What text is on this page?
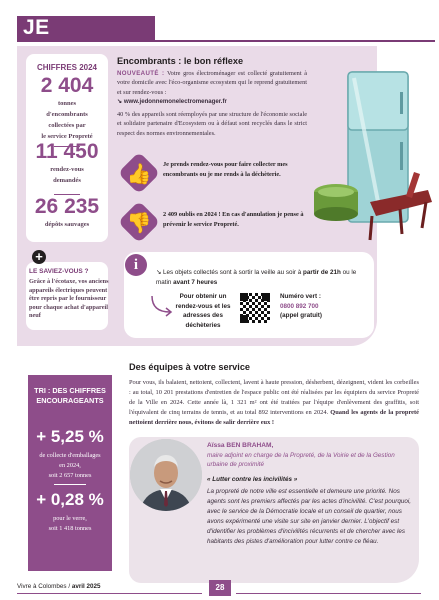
JE
CHIFFRES 2024
2 404
tonnes
d'encombrants
collectées par
le service Propreté
11 450
rendez-vous
demandés
26 235
dépôts sauvages
+
LE SAVIEZ-VOUS ?
Grâce à l'écotaxe, vos anciens appareils électriques peuvent être repris par le fournisseur pour chaque achat d'appareil neuf
Encombrants : le bon réflexe
NOUVEAUTÉ : Votre gros électroménager est collecté gratuitement à votre domicile avec l'éco-organisme ecosystem qui le reprend gratuitement et sur rendez-vous :
↘ www.jedonnemonelectromenager.fr
40 % des appareils sont réemployés par une structure de l'économie sociale et solidaire partenaire d'Ecosystem ou à défaut sont recyclés dans le strict respect des normes environnementales.
👍	Je prends rendez-vous pour faire collecter mes encombrants ou je me rends à la déchèterie.
👎	2 409 oublis en 2024 ! En cas d'annulation je pense à prévenir le service Propreté.
i	↘ Les objets collectés sont à sortir la veille au soir à partir de 21h ou le matin avant 7 heures
Pour obtenir un rendez-vous et les adresses des déchèteries
Numéro vert :
0800 892 700
(appel gratuit)
TRI : DES CHIFFRES ENCOURAGEANTS
+ 5,25 %
de collecte d'emballages
en 2024,
soit 2 657 tonnes
+ 0,28 %
pour le verre,
soit 1 418 tonnes
Des équipes à votre service
Pour vous, ils balaient, nettoient, collectent, lavent à haute pression, désherbent, dézeignent, vident les corbeilles : au total, 10 201 prestations d'entretien de l'espace public ont été réalisées par les équipiers du service Propreté de la Ville en 2024. Cette année là, 1 321 m² ont été traitées par l'équipe d'enlèvement des graffitis, soit l'équivalent de cinq terrains de tennis, et au total 892 interventions en 2024. Quand les agents de la propreté nettoient derrière nous, évitons de salir derrière eux !
Aïssa BEN BRAHAM,
maire adjoint en charge de la Propreté, de la Voirie et de la Gestion urbaine de proximité
« Lutter contre les incivilités »
La propreté de notre ville est essentielle et demeure une priorité. Nos agents sont les premiers affectés par les actes d'incivilité. C'est pourquoi, avec le service de la Démocratie locale et un conseil de quartier, nous avons expérimenté une visite sur site en janvier dernier. L'objectif est d'identifier les problèmes d'incivilités récurrents et de chercher avec les habitants des pistes d'amélioration pour lutter contre ce fléau.
Vivre à Colombes / avril 2025	28
